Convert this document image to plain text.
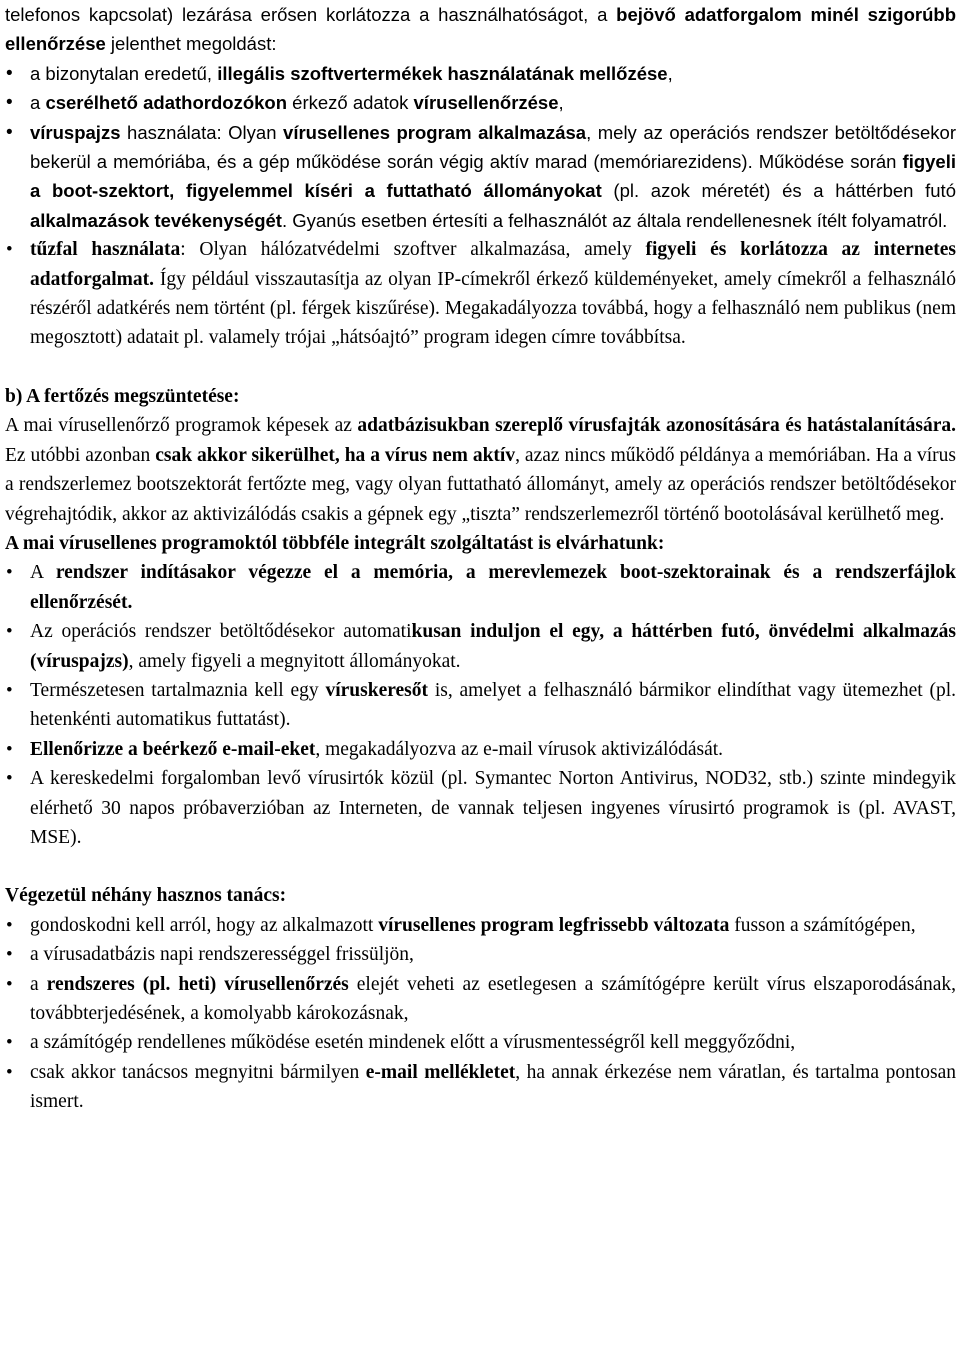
telefonos kapcsolat) lezárása erősen korlátozza a használhatóságot, a bejövő adatforgalom minél szigorúbb ellenőrzése jelenthet megoldást:

• a bizonytalan eredetű, illegális szoftvertermékek használatának mellőzése,
• a cserélhető adathordozókon érkező adatok vírusellenőrzése,
• víruspajzs használata: Olyan vírusellenes program alkalmazása, mely az operációs rendszer betöltődésekor bekerül a memóriába, és a gép működése során végig aktív marad (memóriarezidens). Működése során figyeli a boot-szektort, figyelemmel kíséri a futtatható állományokat (pl. azok méretét) és a háttérben futó alkalmazások tevékenységét. Gyanús esetben értesíti a felhasználót az általa rendellenesnek ítélt folyamatról.
• tűzfal használata: Olyan hálózatvédelmi szoftver alkalmazása, amely figyeli és korlátozza az internetes adatforgalmat. Így például visszautasítja az olyan IP-címekről érkező küldeményeket, amely címekről a felhasználó részéről adatkérés nem történt (pl. férgek kiszűrése). Megakadályozza továbbá, hogy a felhasználó nem publikus (nem megosztott) adatait pl. valamely trójai „hátsóajtó” program idegen címre továbbítsa.

b) A fertőzés megszüntetése:

A mai vírusellenőrző programok képesek az adatbázisukban szereplő vírusfajták azonosítására és hatástalanítására. Ez utóbbi azonban csak akkor sikerülhet, ha a vírus nem aktív, azaz nincs működő példánya a memóriában. Ha a vírus a rendszerlemez bootszektorát fertőzte meg, vagy olyan futtatható állományt, amely az operációs rendszer betöltődésekor végrehajtódik, akkor az aktivizálódás csakis a gépnek egy „tiszta” rendszerlemezről történő bootolásával kerülhető meg.

A mai vírusellenes programoktól többféle integrált szolgáltatást is elvárhatunk:

• A rendszer indításakor végezze el a memória, a merevlemezek boot-szektorainak és a rendszerfájlok ellenőrzését.
• Az operációs rendszer betöltődésekor automatikusan induljon el egy, a háttérben futó, önvédelmi alkalmazás (víruspajzs), amely figyeli a megnyitott állományokat.
• Természetesen tartalmaznia kell egy víruskeresőt is, amelyet a felhasználó bármikor elindíthat vagy ütemezhet (pl. hetenkénti automatikus futtatást).
• Ellenőrizze a beérkező e-mail-eket, megakadályozva az e-mail vírusok aktivizálódását.
• A kereskedelmi forgalomban levő vírusirtók közül (pl. Symantec Norton Antivirus, NOD32, stb.) szinte mindegyik elérhető 30 napos próbaverzióban az Interneten, de vannak teljesen ingyenes vírusirtó programok is (pl. AVAST, MSE).

Végezetül néhány hasznos tanács:

• gondoskodni kell arról, hogy az alkalmazott vírusellenes program legfrissebb változata fusson a számítógépen,
• a vírusadatbázis napi rendszerességgel frissüljön,
• a rendszeres (pl. heti) vírusellenőrzés elejét veheti az esetlegesen a számítógépre került vírus elszaporodásának, továbbterjedésének, a komolyabb károkozásnak,
• a számítógép rendellenes működése esetén mindenek előtt a vírusmentességről kell meggyőződni,
• csak akkor tanácsos megnyitni bármilyen e-mail mellékletet, ha annak érkezése nem váratlan, és tartalma pontosan ismert.
